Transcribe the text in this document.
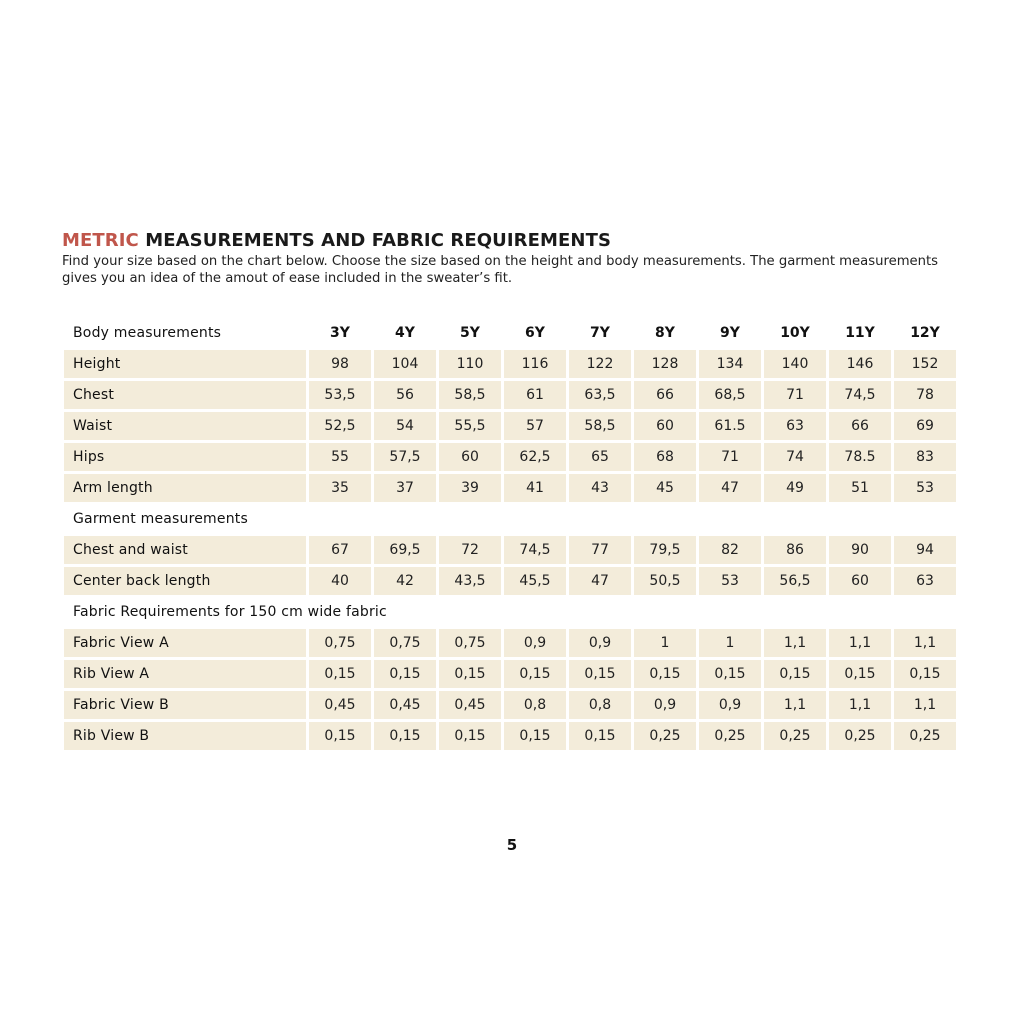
METRIC MEASUREMENTS AND FABRIC REQUIREMENTS

Find your size based on the chart below. Choose the size based on the height and body measurements. The garment measurements gives you an idea of the amout of ease included in the sweater’s fit.

Body measurements	3Y	4Y	5Y	6Y	7Y	8Y	9Y	10Y	11Y	12Y
Height	98	104	110	116	122	128	134	140	146	152
Chest	53,5	56	58,5	61	63,5	66	68,5	71	74,5	78
Waist	52,5	54	55,5	57	58,5	60	61.5	63	66	69
Hips	55	57,5	60	62,5	65	68	71	74	78.5	83
Arm length	35	37	39	41	43	45	47	49	51	53
Garment measurements										
Chest and waist	67	69,5	72	74,5	77	79,5	82	86	90	94
Center back length	40	42	43,5	45,5	47	50,5	53	56,5	60	63
Fabric Requirements for 150 cm wide fabric										
Fabric View A	0,75	0,75	0,75	0,9	0,9	1	1	1,1	1,1	1,1
Rib View A	0,15	0,15	0,15	0,15	0,15	0,15	0,15	0,15	0,15	0,15
Fabric View B	0,45	0,45	0,45	0,8	0,8	0,9	0,9	1,1	1,1	1,1
Rib View B	0,15	0,15	0,15	0,15	0,15	0,25	0,25	0,25	0,25	0,25
5
